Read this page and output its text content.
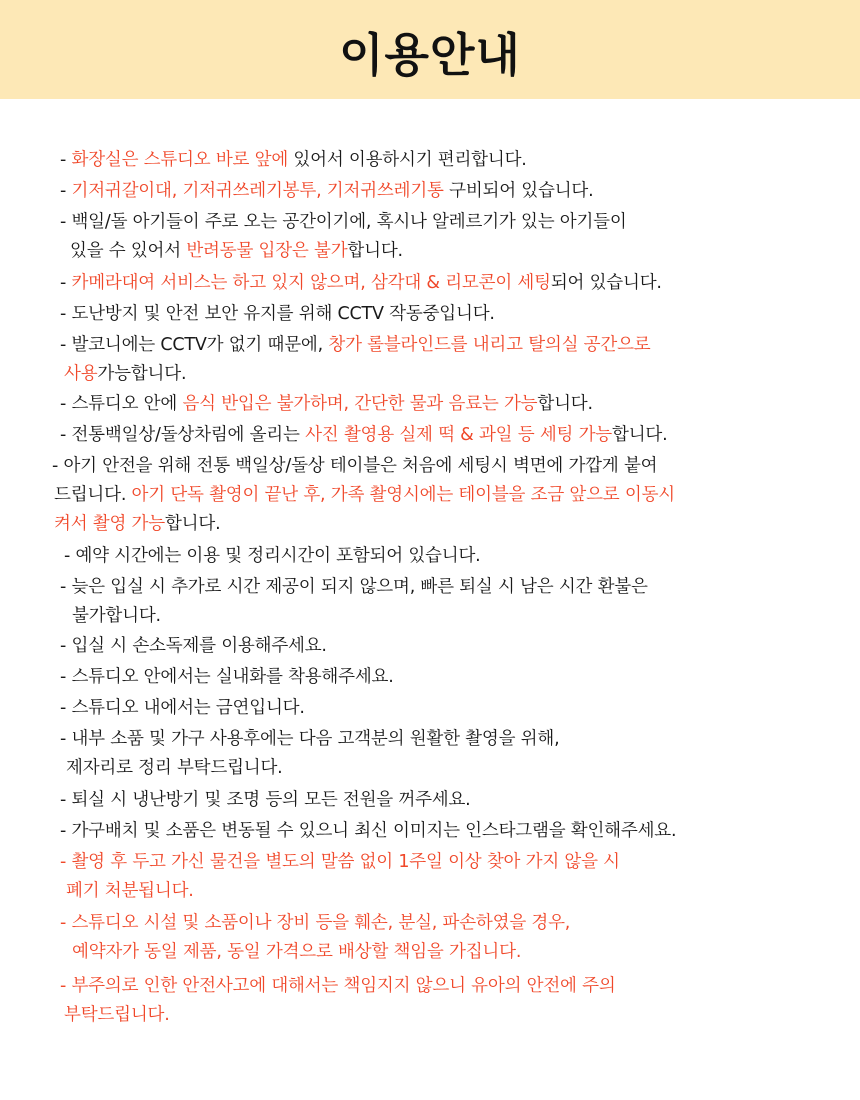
이용안내
- 화장실은 스튜디오 바로 앞에 있어서 이용하시기 편리합니다.
- 기저귀갈이대, 기저귀쓰레기봉투, 기저귀쓰레기통 구비되어 있습니다.
- 백일/돌 아기들이 주로 오는 공간이기에, 혹시나 알레르기가 있는 아기들이
있을 수 있어서 반려동물 입장은 불가합니다.
- 카메라대여 서비스는 하고 있지 않으며, 삼각대 & 리모콘이 세팅되어 있습니다.
- 도난방지 및 안전 보안 유지를 위해 CCTV 작동중입니다.
- 발코니에는 CCTV가 없기 때문에, 창가 롤블라인드를 내리고 탈의실 공간으로
사용가능합니다.
- 스튜디오 안에 음식 반입은 불가하며, 간단한 물과 음료는 가능합니다.
- 전통백일상/돌상차림에 올리는 사진 촬영용 실제 떡 & 과일 등 세팅 가능합니다.
- 아기 안전을 위해 전통 백일상/돌상 테이블은 처음에 세팅시 벽면에 가깝게 붙여
드립니다. 아기 단독 촬영이 끝난 후, 가족 촬영시에는 테이블을 조금 앞으로 이동시
켜서 촬영 가능합니다.
- 예약 시간에는 이용 및 정리시간이 포함되어 있습니다.
- 늦은 입실 시 추가로 시간 제공이 되지 않으며, 빠른 퇴실 시 남은 시간 환불은
불가합니다.
- 입실 시 손소독제를 이용해주세요.
- 스튜디오 안에서는 실내화를 착용해주세요.
- 스튜디오 내에서는 금연입니다.
- 내부 소품 및 가구 사용후에는 다음 고객분의 원활한 촬영을 위해,
제자리로 정리 부탁드립니다.
- 퇴실 시 냉난방기 및 조명 등의 모든 전원을 꺼주세요.
- 가구배치 및 소품은 변동될 수 있으니 최신 이미지는 인스타그램을 확인해주세요.
- 촬영 후 두고 가신 물건을 별도의 말씀 없이 1주일 이상 찾아 가지 않을 시
폐기 처분됩니다.
- 스튜디오 시설 및 소품이나 장비 등을 훼손, 분실, 파손하였을 경우,
예약자가 동일 제품, 동일 가격으로 배상할 책임을 가집니다.
- 부주의로 인한 안전사고에 대해서는 책임지지 않으니 유아의 안전에 주의
부탁드립니다.
